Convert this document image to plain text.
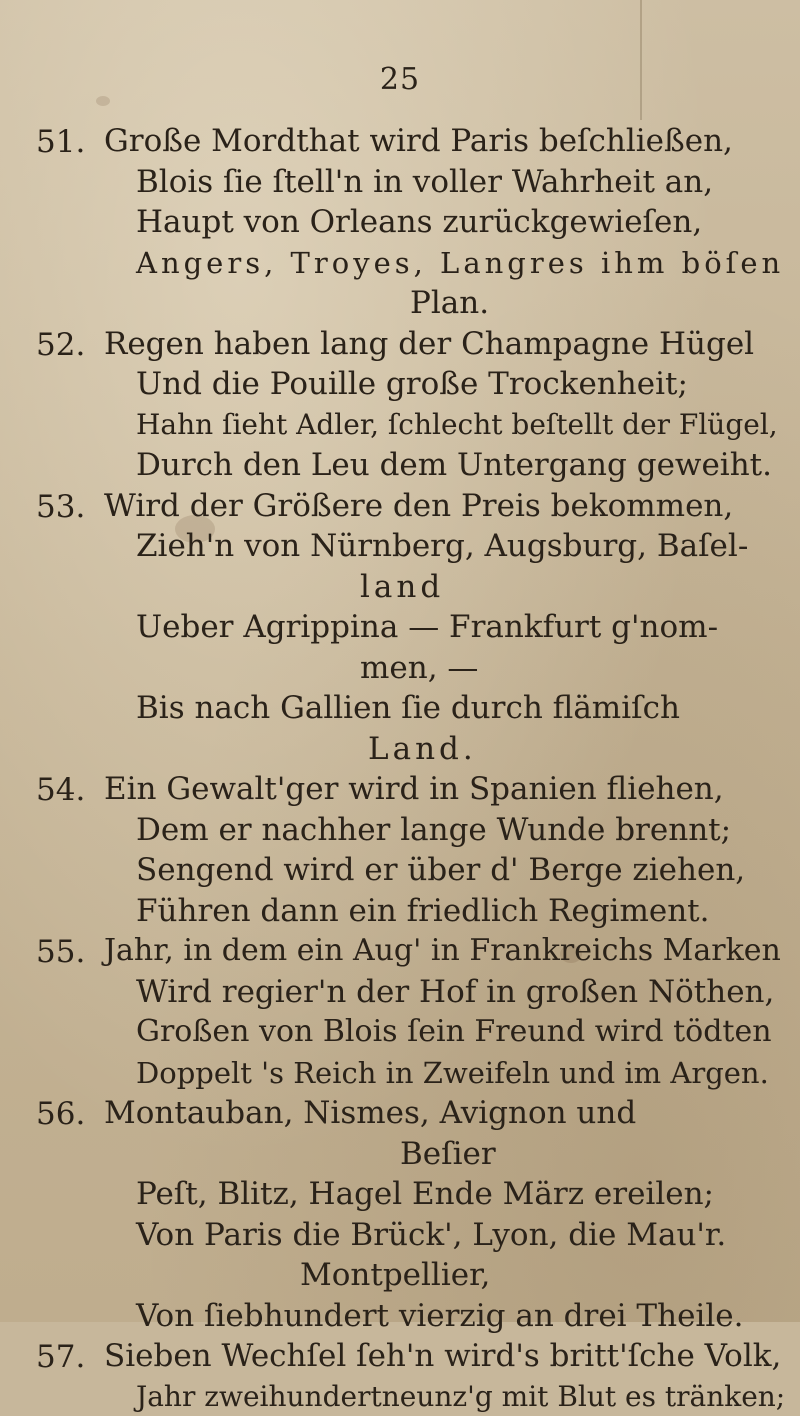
25
51. Große Mordthat wird Paris beſchließen,
Blois ſie ſtell'n in voller Wahrheit an,
Haupt von Orleans zurückgewieſen,
Angers, Troyes, Langres ihm böſen
Plan.
52. Regen haben lang der Champagne Hügel
Und die Pouille große Trockenheit;
Hahn ſieht Adler, ſchlecht beſtellt der Flügel,
Durch den Leu dem Untergang geweiht.
53. Wird der Größere den Preis bekommen,
Zieh'n von Nürnberg, Augsburg, Baſel-
land
Ueber Agrippina — Frankfurt g'nom-
men, —
Bis nach Gallien ſie durch flämiſch
Land.
54. Ein Gewalt'ger wird in Spanien fliehen,
Dem er nachher lange Wunde brennt;
Sengend wird er über d' Berge ziehen,
Führen dann ein friedlich Regiment.
55. Jahr, in dem ein Aug' in Frankreichs Marken
Wird regier'n der Hof in großen Nöthen,
Großen von Blois ſein Freund wird tödten
Doppelt 's Reich in Zweifeln und im Argen.
56. Montauban, Nismes, Avignon und
Beſier
Peſt, Blitz, Hagel Ende März ereilen;
Von Paris die Brück', Lyon, die Mau'r.
Montpellier,
Von ſiebhundert vierzig an drei Theile.
57. Sieben Wechſel ſeh'n wird's britt'ſche Volk,
Jahr zweihundertneunz'g mit Blut es tränken;
